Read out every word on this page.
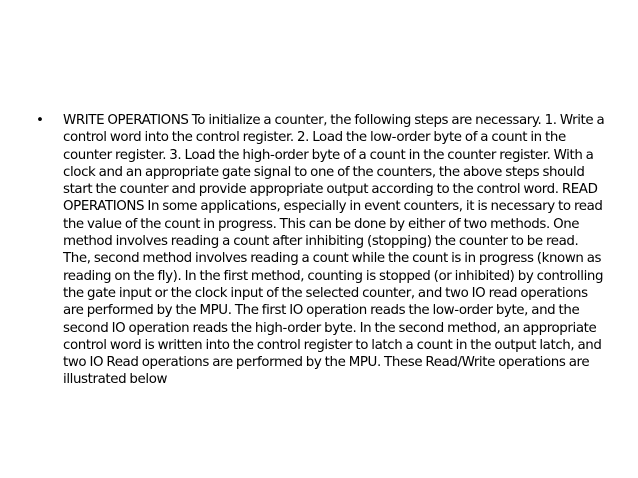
•	WRITE OPERATIONS To initialize a counter, the following steps are necessary. 1. Write a control word into the control register. 2. Load the low-order byte of a count in the counter register. 3. Load the high-order byte of a count in the counter register. With a clock and an appropriate gate signal to one of the counters, the above steps should start the counter and provide appropriate output according to the control word. READ OPERATIONS In some applications, especially in event counters, it is necessary to read the value of the count in progress. This can be done by either of two methods. One method involves reading a count after inhibiting (stopping) the counter to be read. The, second method involves reading a count while the count is in progress (known as reading on the fly). In the first method, counting is stopped (or inhibited) by controlling the gate input or the clock input of the selected counter, and two IO read operations are performed by the MPU. The first IO operation reads the low-order byte, and the second IO operation reads the high-order byte. In the second method, an appropriate control word is written into the control register to latch a count in the output latch, and two IO Read operations are performed by the MPU. These Read/Write operations are illustrated below
